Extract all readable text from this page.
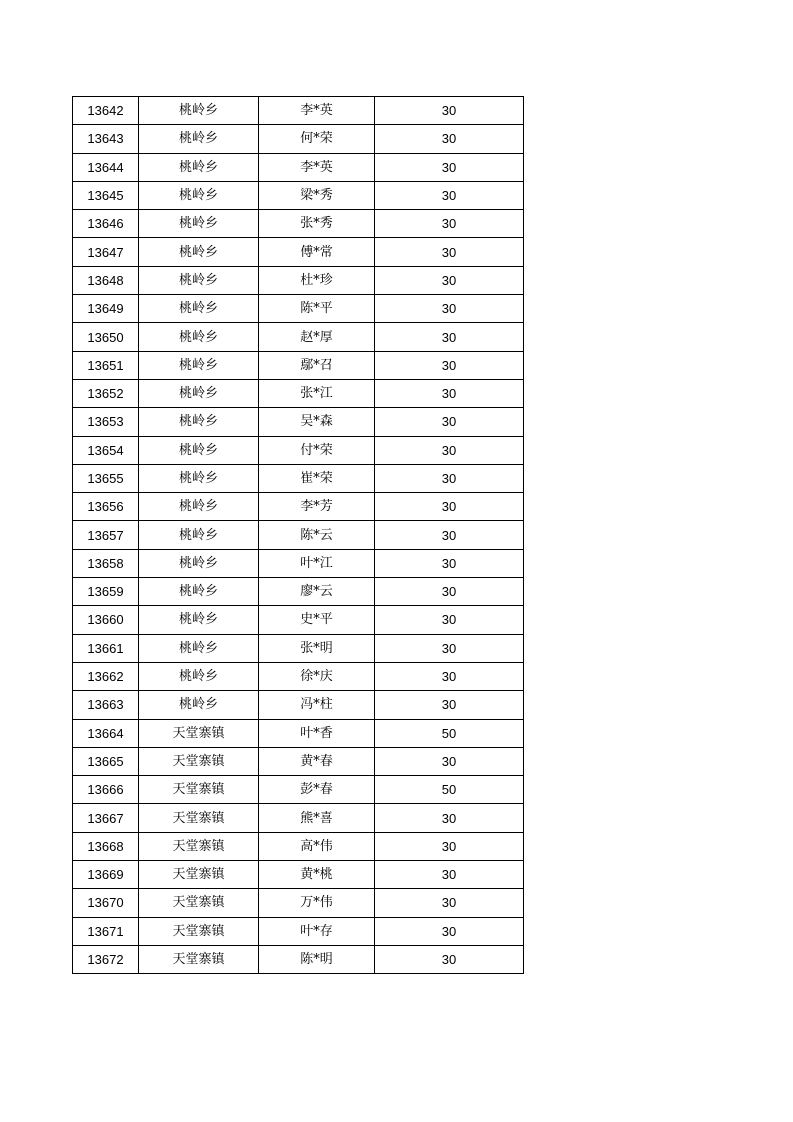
13642	桃岭乡	李*英	30
13643	桃岭乡	何*荣	30
13644	桃岭乡	李*英	30
13645	桃岭乡	梁*秀	30
13646	桃岭乡	张*秀	30
13647	桃岭乡	傅*常	30
13648	桃岭乡	杜*珍	30
13649	桃岭乡	陈*平	30
13650	桃岭乡	赵*厚	30
13651	桃岭乡	鄢*召	30
13652	桃岭乡	张*江	30
13653	桃岭乡	吴*森	30
13654	桃岭乡	付*荣	30
13655	桃岭乡	崔*荣	30
13656	桃岭乡	李*芳	30
13657	桃岭乡	陈*云	30
13658	桃岭乡	叶*江	30
13659	桃岭乡	廖*云	30
13660	桃岭乡	史*平	30
13661	桃岭乡	张*明	30
13662	桃岭乡	徐*庆	30
13663	桃岭乡	冯*柱	30
13664	天堂寨镇	叶*香	50
13665	天堂寨镇	黄*春	30
13666	天堂寨镇	彭*春	50
13667	天堂寨镇	熊*喜	30
13668	天堂寨镇	高*伟	30
13669	天堂寨镇	黄*桃	30
13670	天堂寨镇	万*伟	30
13671	天堂寨镇	叶*存	30
13672	天堂寨镇	陈*明	30
